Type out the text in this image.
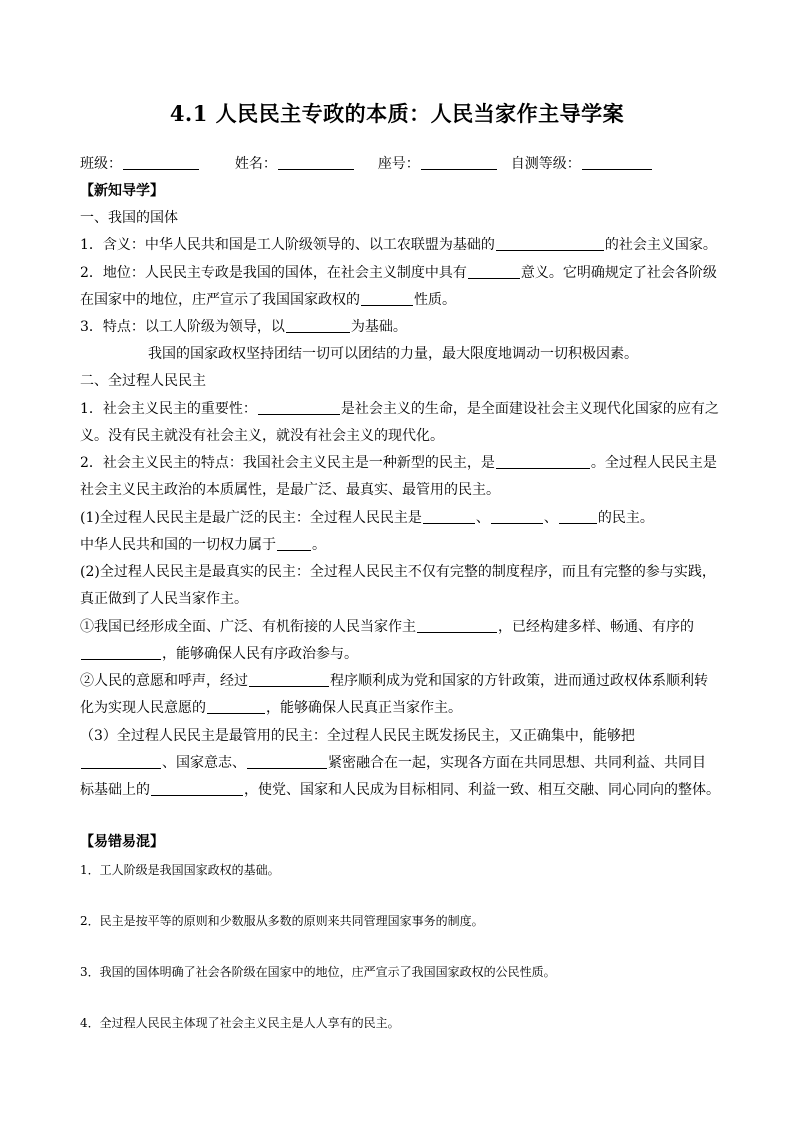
4.1 人民民主专政的本质：人民当家作主导学案
班级：	姓名：	座号：	自测等级：
【新知导学】
一、我国的国体
1．含义：中华人民共和国是工人阶级领导的、以工农联盟为基础的	的社会主义国家。
2．地位：人民民主专政是我国的国体，在社会主义制度中具有	意义。它明确规定了社会各阶级
在国家中的地位，庄严宣示了我国国家政权的	性质。
3．特点：以工人阶级为领导，以	为基础。
我国的国家政权坚持团结一切可以团结的力量，最大限度地调动一切积极因素。
二、全过程人民民主
1．社会主义民主的重要性：	是社会主义的生命，是全面建设社会主义现代化国家的应有之
义。没有民主就没有社会主义，就没有社会主义的现代化。
2．社会主义民主的特点：我国社会主义民主是一种新型的民主，是	。全过程人民民主是
社会主义民主政治的本质属性，是最广泛、最真实、最管用的民主。
(1)全过程人民民主是最广泛的民主：全过程人民民主是	、	、	的民主。
中华人民共和国的一切权力属于	。
(2)全过程人民民主是最真实的民主：全过程人民民主不仅有完整的制度程序，而且有完整的参与实践，
真正做到了人民当家作主。
①我国已经形成全面、广泛、有机衔接的人民当家作主	，已经构建多样、畅通、有序的
，能够确保人民有序政治参与。
②人民的意愿和呼声，经过	程序顺利成为党和国家的方针政策，进而通过政权体系顺利转
化为实现人民意愿的	，能够确保人民真正当家作主。
（3）全过程人民民主是最管用的民主：全过程人民民主既发扬民主，又正确集中，能够把
、国家意志、	紧密融合在一起，实现各方面在共同思想、共同利益、共同目
标基础上的	，使党、国家和人民成为目标相同、利益一致、相互交融、同心同向的整体。
【易错易混】
1．工人阶级是我国国家政权的基础。
2．民主是按平等的原则和少数服从多数的原则来共同管理国家事务的制度。
3．我国的国体明确了社会各阶级在国家中的地位，庄严宣示了我国国家政权的公民性质。
4．全过程人民民主体现了社会主义民主是人人享有的民主。
